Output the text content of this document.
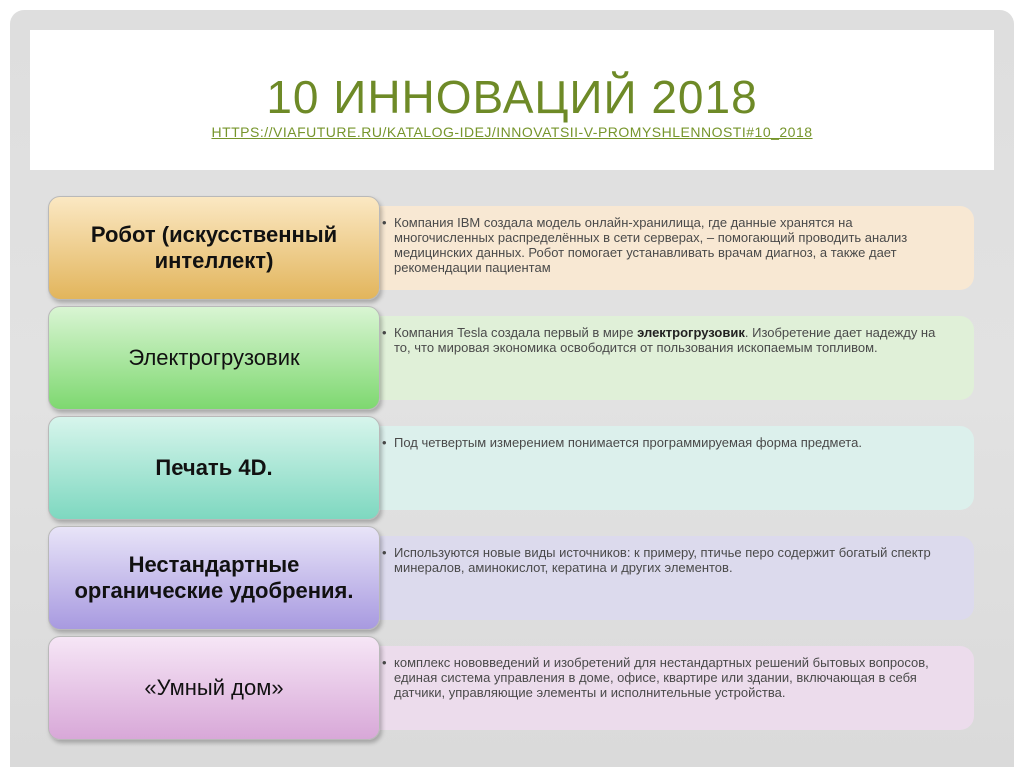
10 ИННОВАЦИЙ 2018
HTTPS://VIAFUTURE.RU/KATALOG-IDEJ/INNOVATSII-V-PROMYSHLENNOSTI#10_2018
• Компания IBM создала модель онлайн-хранилища, где данные хранятся на многочисленных распределённых в сети серверах, – помогающий проводить анализ медицинских данных. Робот помогает устанавливать врачам диагноз, а также дает рекомендации пациентам
Робот (искусственный интеллект)
• Компания Tesla создала первый в мире электрогрузовик. Изобретение дает надежду на то, что мировая экономика освободится от пользования ископаемым топливом.
Электрогрузовик
• Под четвертым измерением понимается программируемая форма предмета.
Печать 4D.
• Используются новые виды источников: к примеру, птичье перо содержит богатый спектр минералов, аминокислот, кератина и других элементов.
Нестандартные органические удобрения.
• комплекс нововведений и изобретений для нестандартных решений бытовых вопросов, единая система управления в доме, офисе, квартире или здании, включающая в себя датчики, управляющие элементы и исполнительные устройства.
«Умный дом»
